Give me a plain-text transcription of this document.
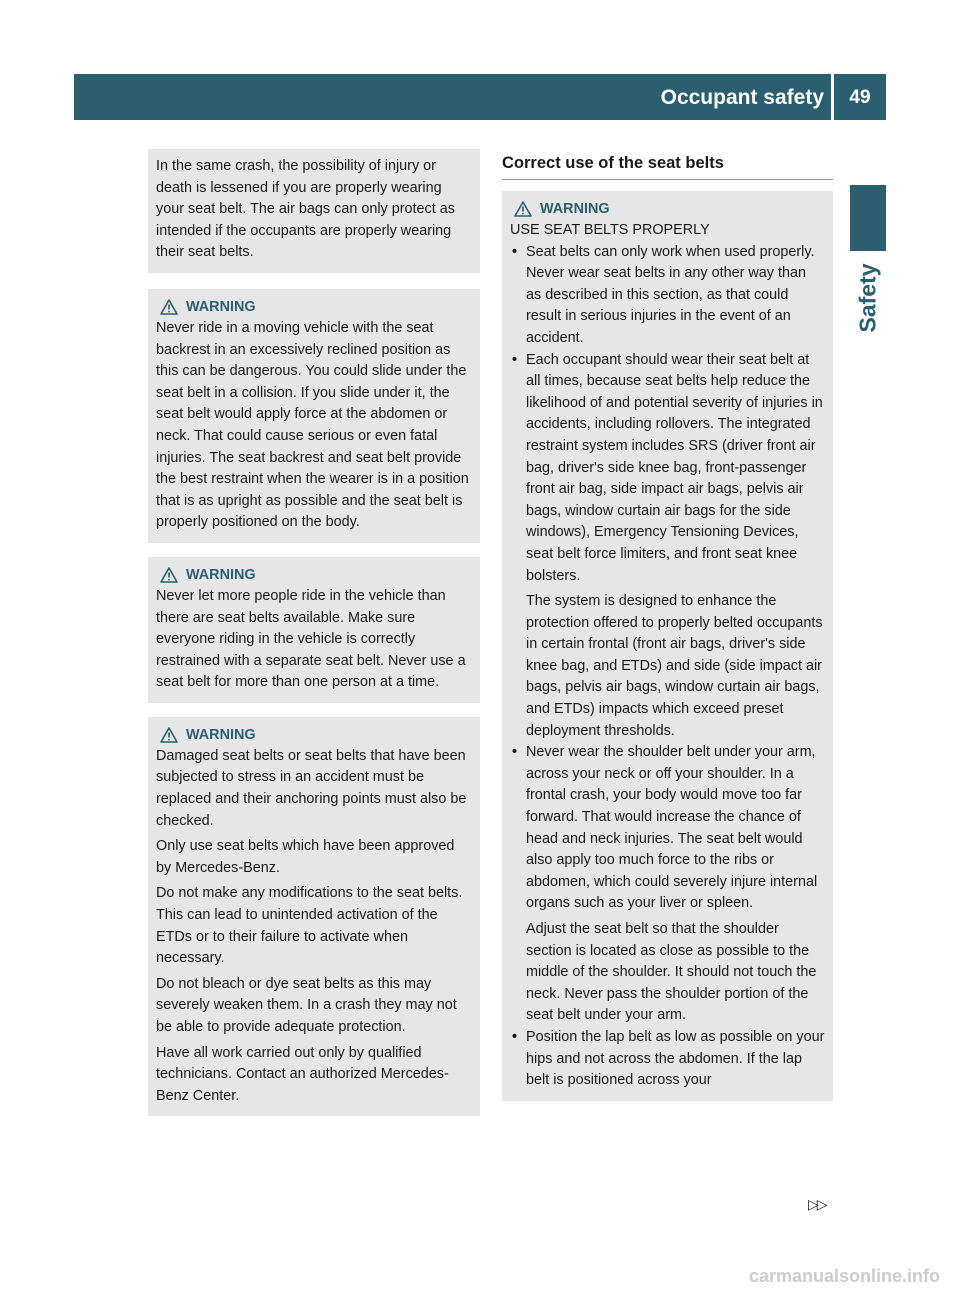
Occupant safety	49
Safety

In the same crash, the possibility of injury or death is lessened if you are properly wearing your seat belt. The air bags can only protect as intended if the occupants are properly wearing their seat belts.

WARNING

Never ride in a moving vehicle with the seat backrest in an excessively reclined position as this can be dangerous. You could slide under the seat belt in a collision. If you slide under it, the seat belt would apply force at the abdomen or neck. That could cause serious or even fatal injuries. The seat backrest and seat belt provide the best restraint when the wearer is in a position that is as upright as possible and the seat belt is properly positioned on the body.

WARNING

Never let more people ride in the vehicle than there are seat belts available. Make sure everyone riding in the vehicle is correctly restrained with a separate seat belt. Never use a seat belt for more than one person at a time.

WARNING

Damaged seat belts or seat belts that have been subjected to stress in an accident must be replaced and their anchoring points must also be checked.

Only use seat belts which have been approved by Mercedes-Benz.

Do not make any modifications to the seat belts. This can lead to unintended activation of the ETDs or to their failure to activate when necessary.

Do not bleach or dye seat belts as this may severely weaken them. In a crash they may not be able to provide adequate protection.

Have all work carried out only by qualified technicians. Contact an authorized Mercedes-Benz Center.

Correct use of the seat belts
WARNING

USE SEAT BELTS PROPERLY

• Seat belts can only work when used properly. Never wear seat belts in any other way than as described in this section, as that could result in serious injuries in the event of an accident.

• Each occupant should wear their seat belt at all times, because seat belts help reduce the likelihood of and potential severity of injuries in accidents, including rollovers. The integrated restraint system includes SRS (driver front air bag, driver's side knee bag, front-passenger front air bag, side impact air bags, pelvis air bags, window curtain air bags for the side windows), Emergency Tensioning Devices, seat belt force limiters, and front seat knee bolsters.

The system is designed to enhance the protection offered to properly belted occupants in certain frontal (front air bags, driver's side knee bag, and ETDs) and side (side impact air bags, pelvis air bags, window curtain air bags, and ETDs) impacts which exceed preset deployment thresholds.

• Never wear the shoulder belt under your arm, across your neck or off your shoulder. In a frontal crash, your body would move too far forward. That would increase the chance of head and neck injuries. The seat belt would also apply too much force to the ribs or abdomen, which could severely injure internal organs such as your liver or spleen.

Adjust the seat belt so that the shoulder section is located as close as possible to the middle of the shoulder. It should not touch the neck. Never pass the shoulder portion of the seat belt under your arm.

• Position the lap belt as low as possible on your hips and not across the abdomen. If the lap belt is positioned across your

▷▷
carmanualsonline.info
